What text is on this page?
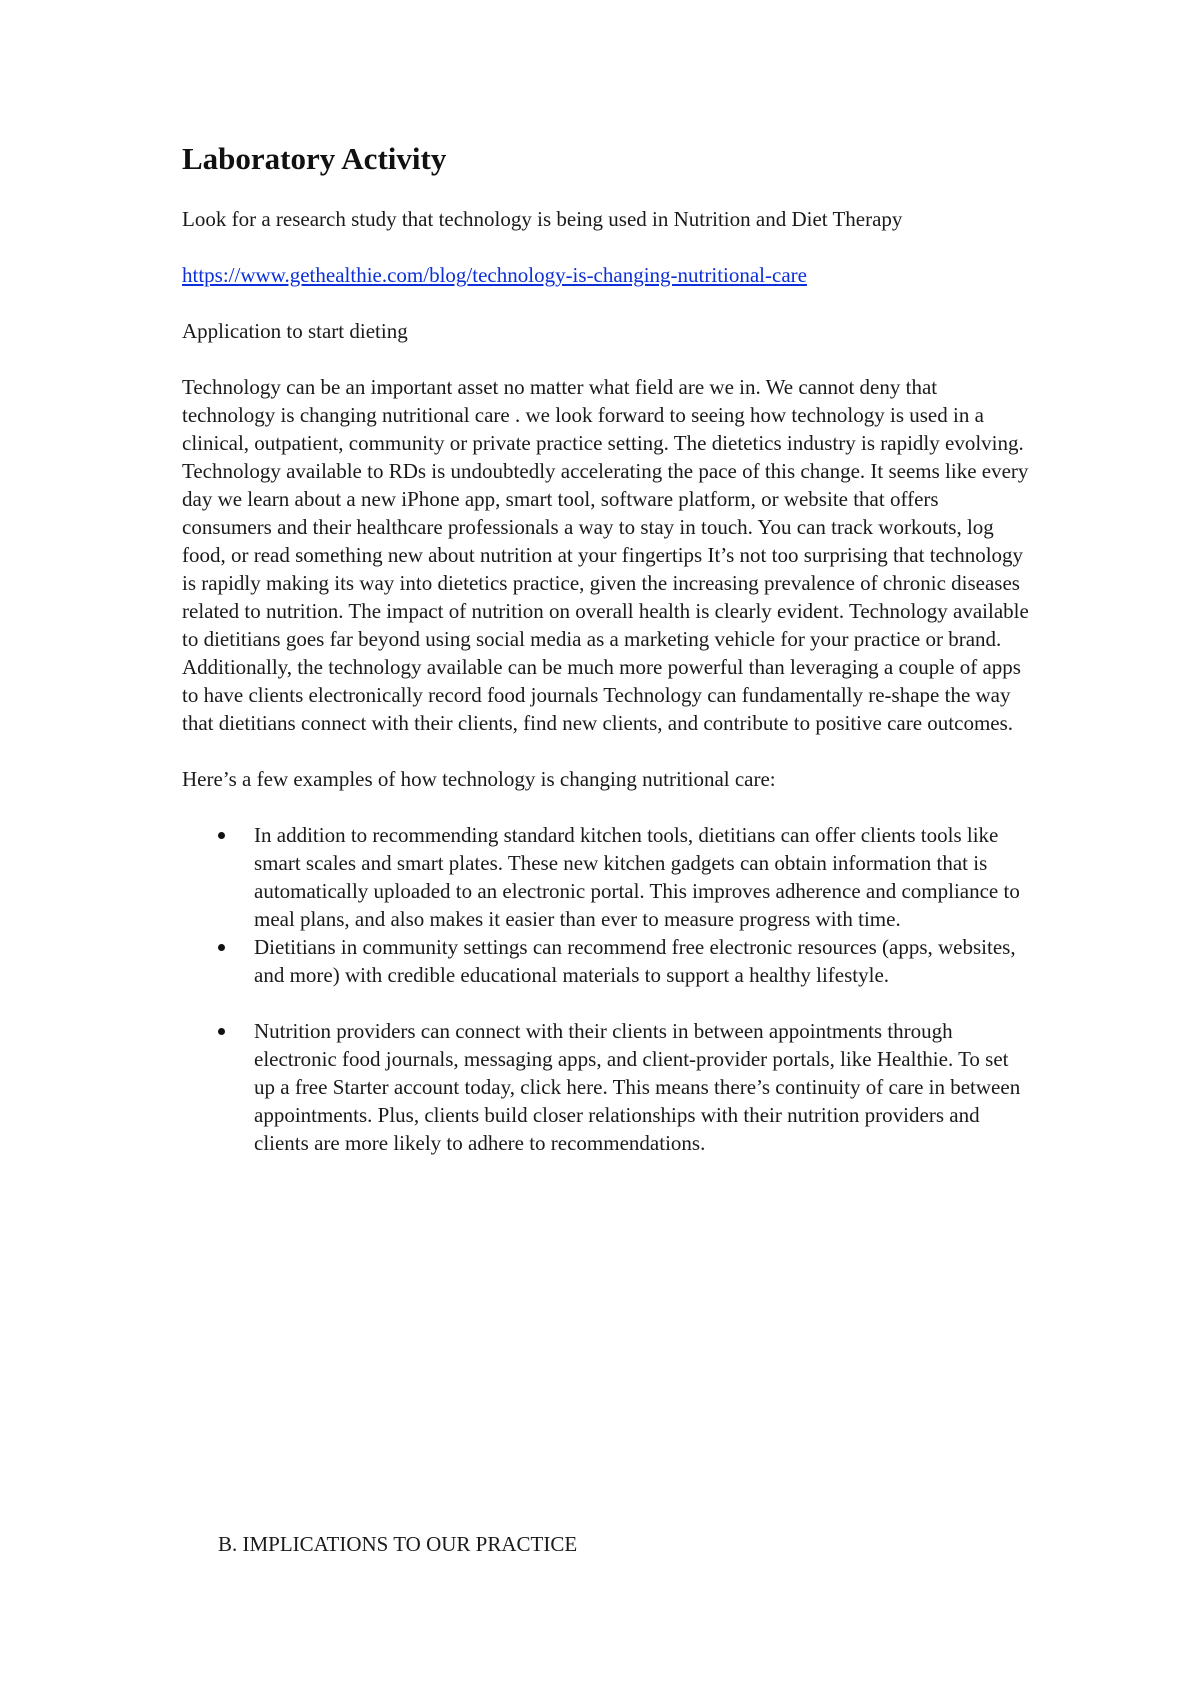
Laboratory Activity

Look for a research study that technology is being used in Nutrition and Diet Therapy

https://www.gethealthie.com/blog/technology-is-changing-nutritional-care

Application to start dieting

Technology can be an important asset no matter what field are we in. We cannot deny that technology is changing nutritional care . we look forward to seeing how technology is used in a clinical, outpatient, community or private practice setting. The dietetics industry is rapidly evolving. Technology available to RDs is undoubtedly accelerating the pace of this change. It seems like every day we learn about a new iPhone app, smart tool, software platform, or website that offers consumers and their healthcare professionals a way to stay in touch. You can track workouts, log food, or read something new about nutrition at your fingertips It’s not too surprising that technology is rapidly making its way into dietetics practice, given the increasing prevalence of chronic diseases related to nutrition. The impact of nutrition on overall health is clearly evident. Technology available to dietitians goes far beyond using social media as a marketing vehicle for your practice or brand. Additionally, the technology available can be much more powerful than leveraging a couple of apps to have clients electronically record food journals Technology can fundamentally re-shape the way that dietitians connect with their clients, find new clients, and contribute to positive care outcomes.

Here’s a few examples of how technology is changing nutritional care:

In addition to recommending standard kitchen tools, dietitians can offer clients tools like smart scales and smart plates. These new kitchen gadgets can obtain information that is automatically uploaded to an electronic portal. This improves adherence and compliance to meal plans, and also makes it easier than ever to measure progress with time.
Dietitians in community settings can recommend free electronic resources (apps, websites, and more) with credible educational materials to support a healthy lifestyle.
Nutrition providers can connect with their clients in between appointments through electronic food journals, messaging apps, and client-provider portals, like Healthie. To set up a free Starter account today, click here. This means there’s continuity of care in between appointments. Plus, clients build closer relationships with their nutrition providers and clients are more likely to adhere to recommendations.
B. IMPLICATIONS TO OUR PRACTICE
